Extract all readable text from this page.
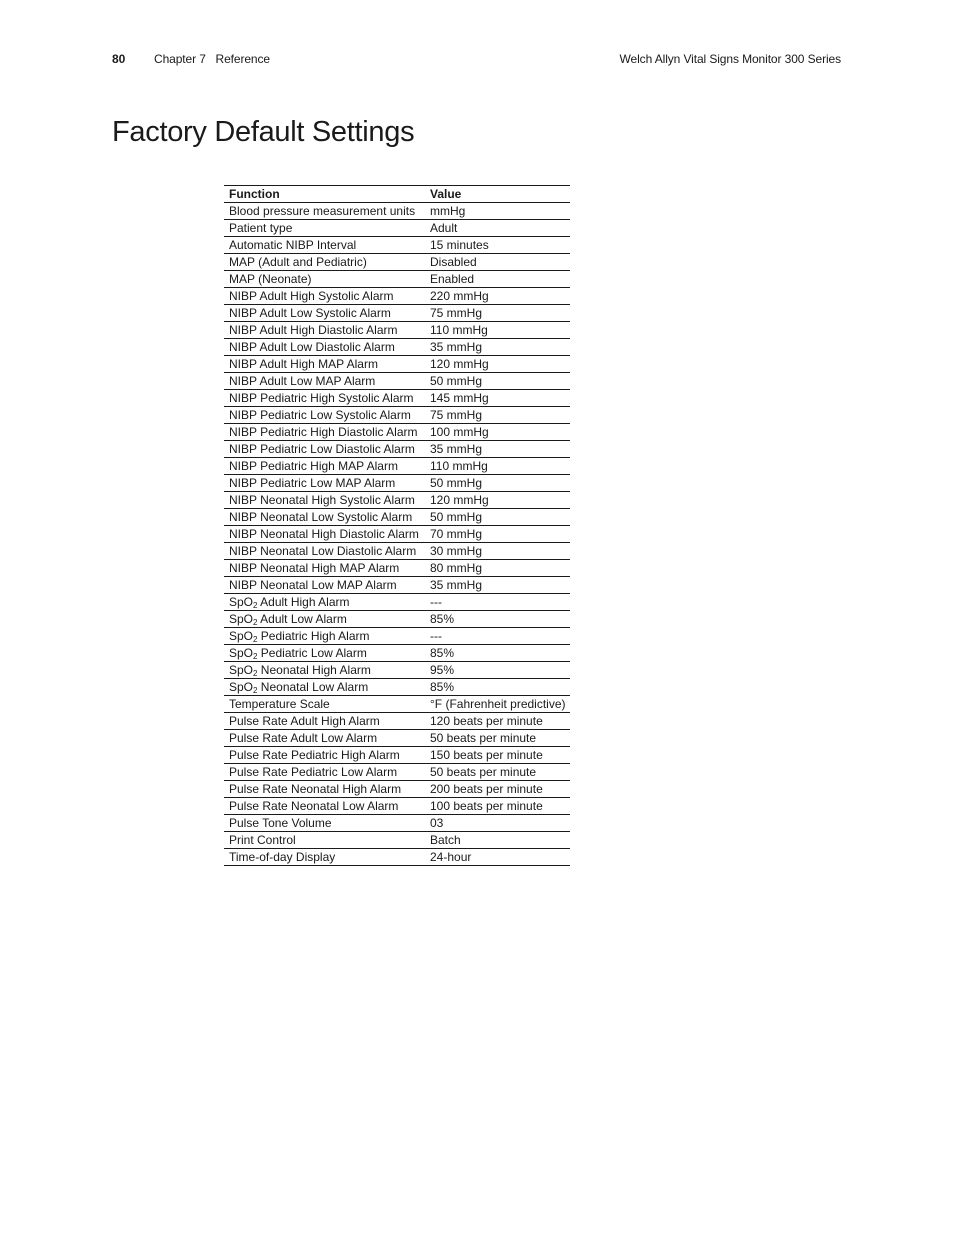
80 Chapter 7   Reference	Welch Allyn Vital Signs Monitor 300 Series
Factory Default Settings
Function	Value
Blood pressure measurement units	mmHg
Patient type	Adult
Automatic NIBP Interval	15 minutes
MAP (Adult and Pediatric)	Disabled
MAP (Neonate)	Enabled
NIBP Adult High Systolic Alarm	220 mmHg
NIBP Adult Low Systolic Alarm	75 mmHg
NIBP Adult High Diastolic Alarm	110 mmHg
NIBP Adult Low Diastolic Alarm	35 mmHg
NIBP Adult High MAP Alarm	120 mmHg
NIBP Adult Low MAP Alarm	50 mmHg
NIBP Pediatric High Systolic Alarm	145 mmHg
NIBP Pediatric Low Systolic Alarm	75 mmHg
NIBP Pediatric High Diastolic Alarm	100 mmHg
NIBP Pediatric Low Diastolic Alarm	35 mmHg
NIBP Pediatric High MAP Alarm	110 mmHg
NIBP Pediatric Low MAP Alarm	50 mmHg
NIBP Neonatal High Systolic Alarm	120 mmHg
NIBP Neonatal Low Systolic Alarm	50 mmHg
NIBP Neonatal High Diastolic Alarm	70 mmHg
NIBP Neonatal Low Diastolic Alarm	30 mmHg
NIBP Neonatal High MAP Alarm	80 mmHg
NIBP Neonatal Low MAP Alarm	35 mmHg
SpO$_2$ Adult High Alarm	---
SpO$_2$ Adult Low Alarm	85%
SpO$_2$ Pediatric High Alarm	---
SpO$_2$ Pediatric Low Alarm	85%
SpO$_2$ Neonatal High Alarm	95%
SpO$_2$ Neonatal Low Alarm	85%
Temperature Scale	°F (Fahrenheit predictive)
Pulse Rate Adult High Alarm	120 beats per minute
Pulse Rate Adult Low Alarm	50 beats per minute
Pulse Rate Pediatric High Alarm	150 beats per minute
Pulse Rate Pediatric Low Alarm	50 beats per minute
Pulse Rate Neonatal High Alarm	200 beats per minute
Pulse Rate Neonatal Low Alarm	100 beats per minute
Pulse Tone Volume	03
Print Control	Batch
Time-of-day Display	24-hour
